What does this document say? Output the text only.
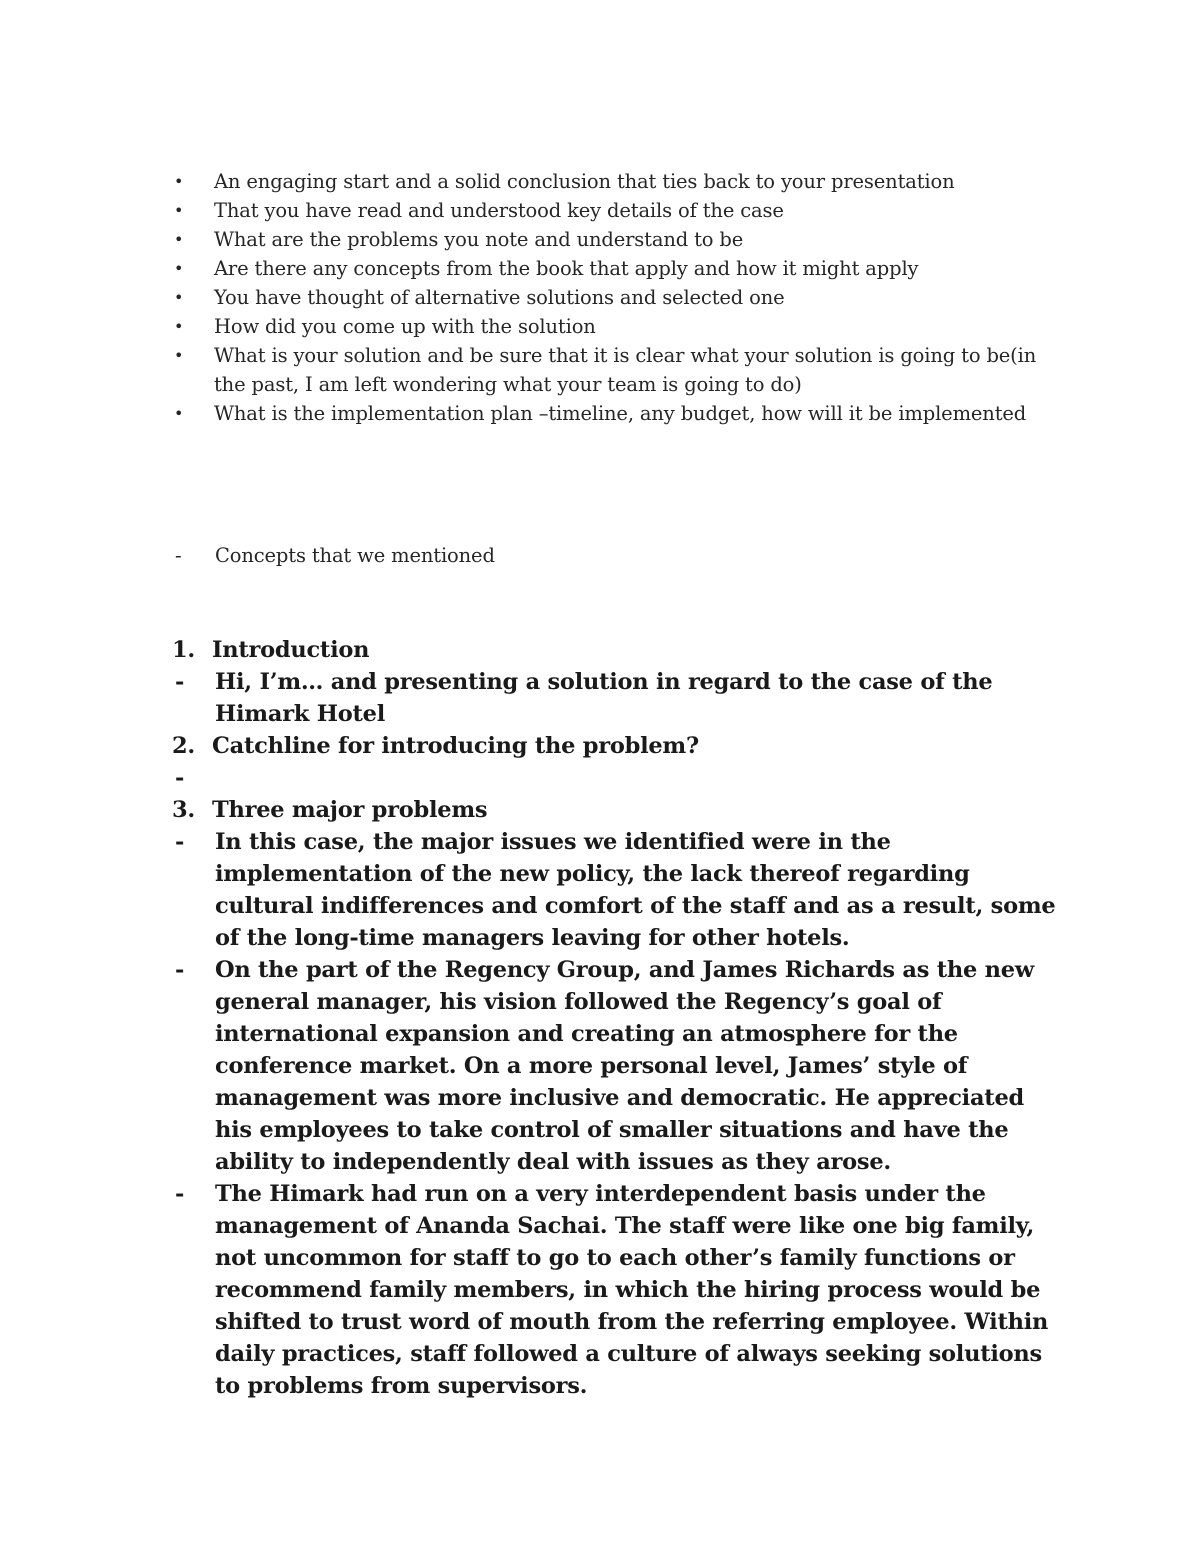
•	An engaging start and a solid conclusion that ties back to your presentation
•	That you have read and understood key details of the case
•	What are the problems you note and understand to be
•	Are there any concepts from the book that apply and how it might apply
•	You have thought of alternative solutions and selected one
•	How did you come up with the solution
•	What is your solution and be sure that it is clear what your solution is going to be(in the past, I am left wondering what your team is going to do)
•	What is the implementation plan –timeline, any budget, how will it be implemented
-	Concepts that we mentioned
1. Introduction
-	Hi, I’m… and presenting a solution in regard to the case of the Himark Hotel
2. Catchline for introducing the problem?
-

3. Three major problems
-	In this case, the major issues we identified were in the implementation of the new policy, the lack thereof regarding cultural indifferences and comfort of the staff and as a result, some of the long-time managers leaving for other hotels.
-	On the part of the Regency Group, and James Richards as the new general manager, his vision followed the Regency’s goal of international expansion and creating an atmosphere for the conference market. On a more personal level, James’ style of management was more inclusive and democratic. He appreciated his employees to take control of smaller situations and have the ability to independently deal with issues as they arose.
-	The Himark had run on a very interdependent basis under the management of Ananda Sachai. The staff were like one big family, not uncommon for staff to go to each other’s family functions or recommend family members, in which the hiring process would be shifted to trust word of mouth from the referring employee. Within daily practices, staff followed a culture of always seeking solutions to problems from supervisors.
